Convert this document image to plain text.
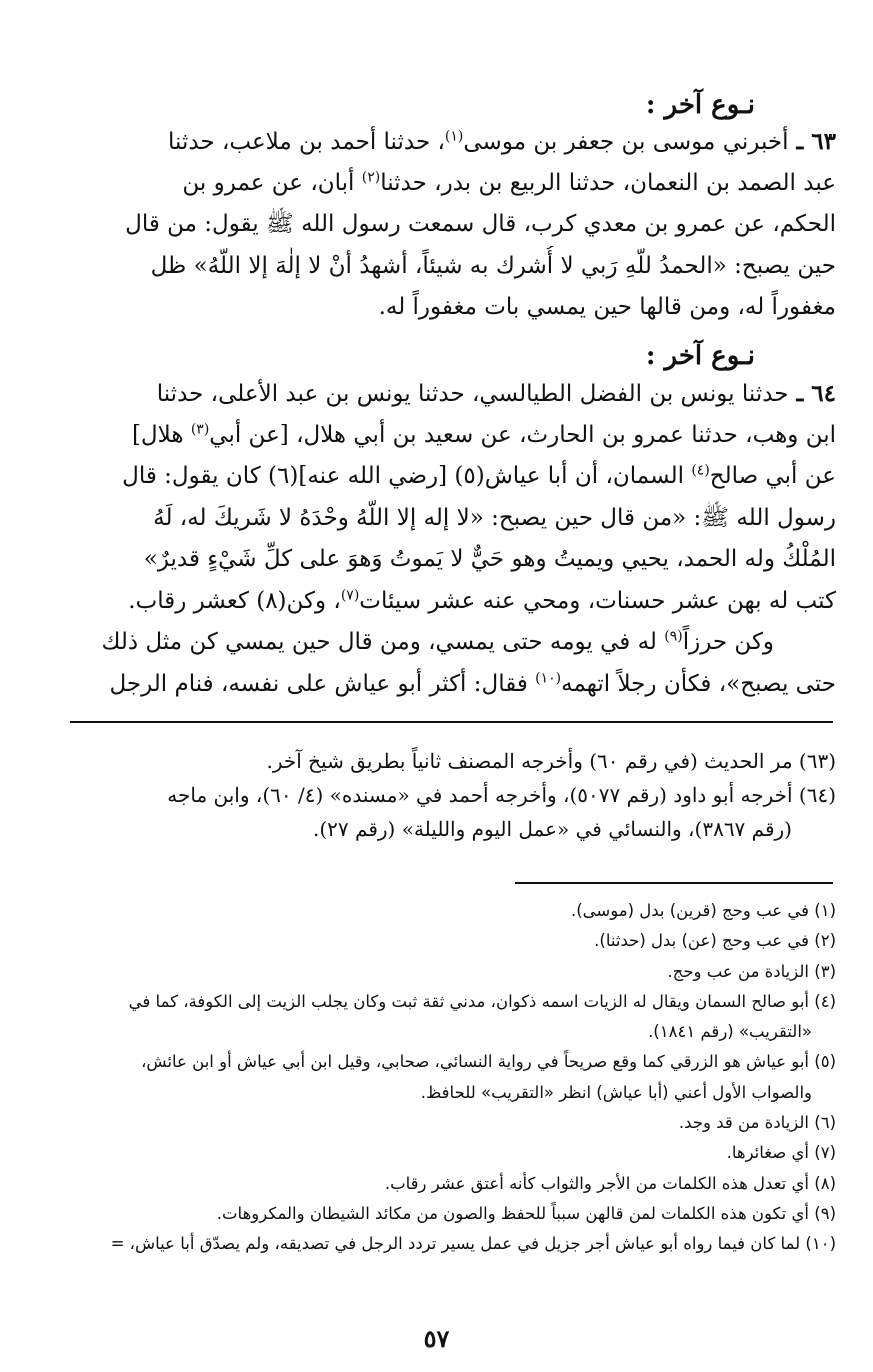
نـوع آخر :

٦٣ ـ أخبرني موسى بن جعفر بن موسى$^{(١)}$، حدثنا أحمد بن ملاعب، حدثنا

عبد الصمد بن النعمان، حدثنا الربيع بن بدر، حدثنا$^{(٢)}$ أبان، عن عمرو بن

الحكم، عن عمرو بن معدي كرب، قال سمعت رسول الله ﷺ يقول: من قال

حين يصبح: «الحمدُ للّهِ رَبي لا أُشرك به شيئاً، أشهدُ أنْ لا إلٰهَ إلا اللّهُ» ظل

مغفوراً له، ومن قالها حين يمسي بات مغفوراً له.

نـوع آخر :

٦٤ ـ حدثنا يونس بن الفضل الطيالسي، حدثنا يونس بن عبد الأعلى، حدثنا

ابن وهب، حدثنا عمرو بن الحارث، عن سعيد بن أبي هلال، [عن أبي$^{(٣)}$ هلال]

عن أبي صالح$^{(٤)}$ السمان، أن أبا عياش(٥) [رضي الله عنه](٦) كان يقول: قال

رسول الله ﷺ: «من قال حين يصبح: «لا إله إلا اللّهُ وحْدَهُ لا شَريكَ له، لَهُ

المُلْكُ وله الحمد، يحيي ويميتُ وهو حَيٌّ لا يَموتُ وَهوَ على كلِّ شَيْءٍ قديرٌ»

كتب له بهن عشر حسنات، ومحي عنه عشر سيئات$^{(٧)}$، وكن(٨) كعشر رقاب.

وكن حرزاً$^{(٩)}$ له في يومه حتى يمسي، ومن قال حين يمسي كن مثل ذلك

حتى يصبح»، فكأن رجلاً اتهمه$^{(١٠)}$ فقال: أكثر أبو عياش على نفسه، فنام الرجل

(٦٣) مر الحديث (في رقم ٦٠) وأخرجه المصنف ثانياً بطريق شيخ آخر.

(٦٤) أخرجه أبو داود (رقم ٥٠٧٧)، وأخرجه أحمد في «مسنده» (٤/ ٦٠)، وابن ماجه

(رقم ٣٨٦٧)، والنسائي في «عمل اليوم والليلة» (رقم ٢٧).

(١) في عب وحج (قرين) بدل (موسى).

(٢) في عب وحج (عن) بدل (حدثنا).

(٣) الزيادة من عب وحج.

(٤) أبو صالح السمان ويقال له الزيات اسمه ذكوان، مدني ثقة ثبت وكان يجلب الزيت إلى الكوفة، كما في

«التقريب» (رقم ١٨٤١).

(٥) أبو عياش هو الزرقي كما وقع صريحاً في رواية النسائي، صحابي، وقيل ابن أبي عياش أو ابن عائش،

والصواب الأول أعني (أبا عياش) انظر «التقريب» للحافظ.

(٦) الزيادة من قد وجد.

(٧) أي صغائرها.

(٨) أي تعدل هذه الكلمات من الأجر والثواب كأنه أعتق عشر رقاب.

(٩) أي تكون هذه الكلمات لمن قالهن سبباً للحفظ والصون من مكائد الشيطان والمكروهات.

(١٠) لما كان فيما رواه أبو عياش أجر جزيل في عمل يسير تردد الرجل في تصديقه، ولم يصدّق أبا عياش، =

٥٧
